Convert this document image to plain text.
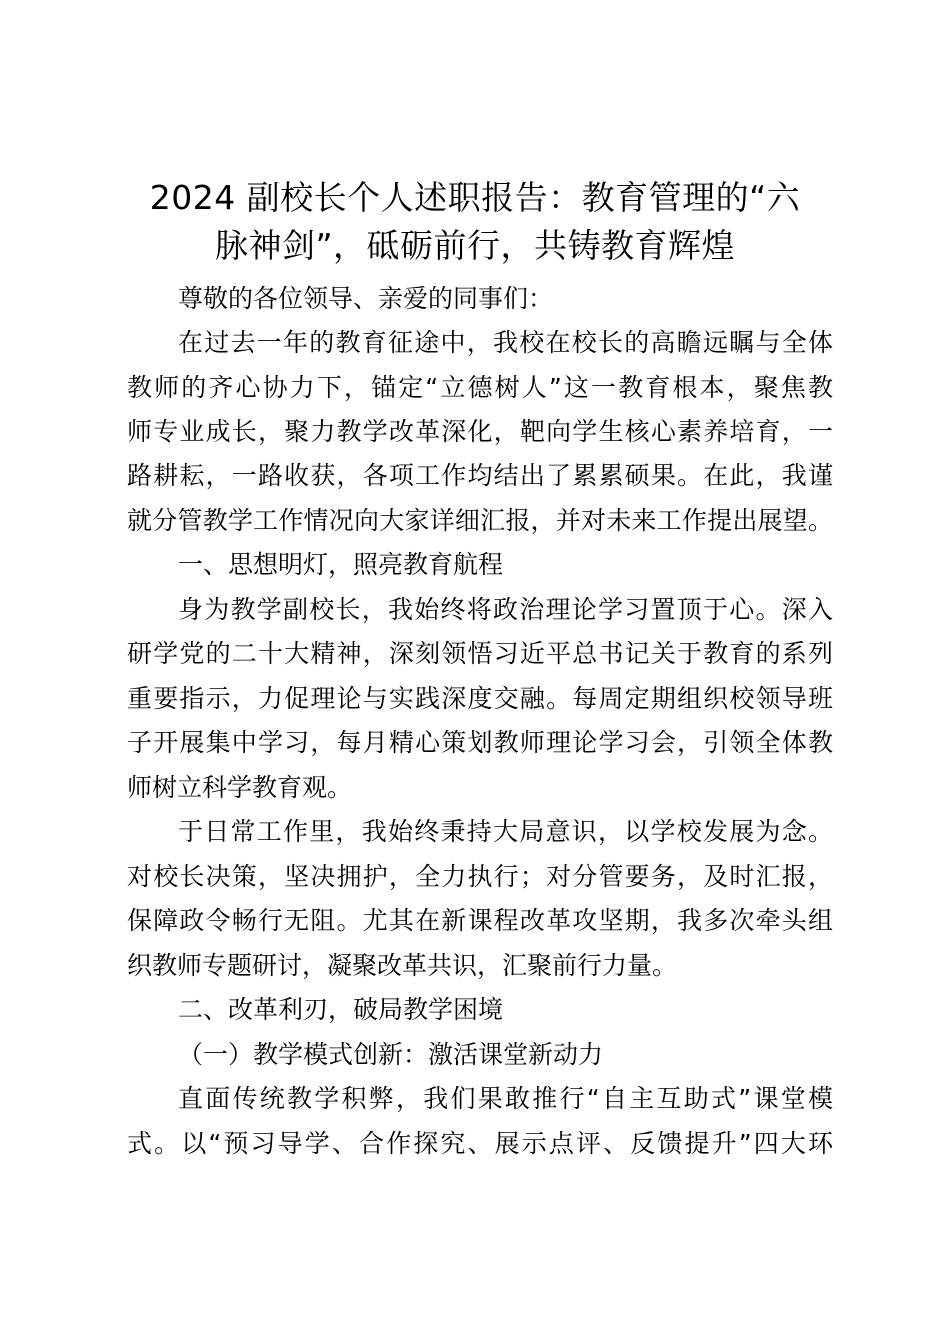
2024 副校长个人述职报告：教育管理的“六
脉神剑”，砥砺前行，共铸教育辉煌
尊敬的各位领导、亲爱的同事们：
在过去一年的教育征途中，我校在校长的高瞻远瞩与全体
教师的齐心协力下，锚定“立德树人”这一教育根本，聚焦教
师专业成长，聚力教学改革深化，靶向学生核心素养培育，一
路耕耘，一路收获，各项工作均结出了累累硕果。在此，我谨
就分管教学工作情况向大家详细汇报，并对未来工作提出展望。
一、思想明灯，照亮教育航程
身为教学副校长，我始终将政治理论学习置顶于心。深入
研学党的二十大精神，深刻领悟习近平总书记关于教育的系列
重要指示，力促理论与实践深度交融。每周定期组织校领导班
子开展集中学习，每月精心策划教师理论学习会，引领全体教
师树立科学教育观。
于日常工作里，我始终秉持大局意识，以学校发展为念。
对校长决策，坚决拥护，全力执行；对分管要务，及时汇报，
保障政令畅行无阻。尤其在新课程改革攻坚期，我多次牵头组
织教师专题研讨，凝聚改革共识，汇聚前行力量。
二、改革利刃，破局教学困境
（一）教学模式创新：激活课堂新动力
直面传统教学积弊，我们果敢推行“自主互助式”课堂模
式。以“预习导学、合作探究、展示点评、反馈提升”四大环
